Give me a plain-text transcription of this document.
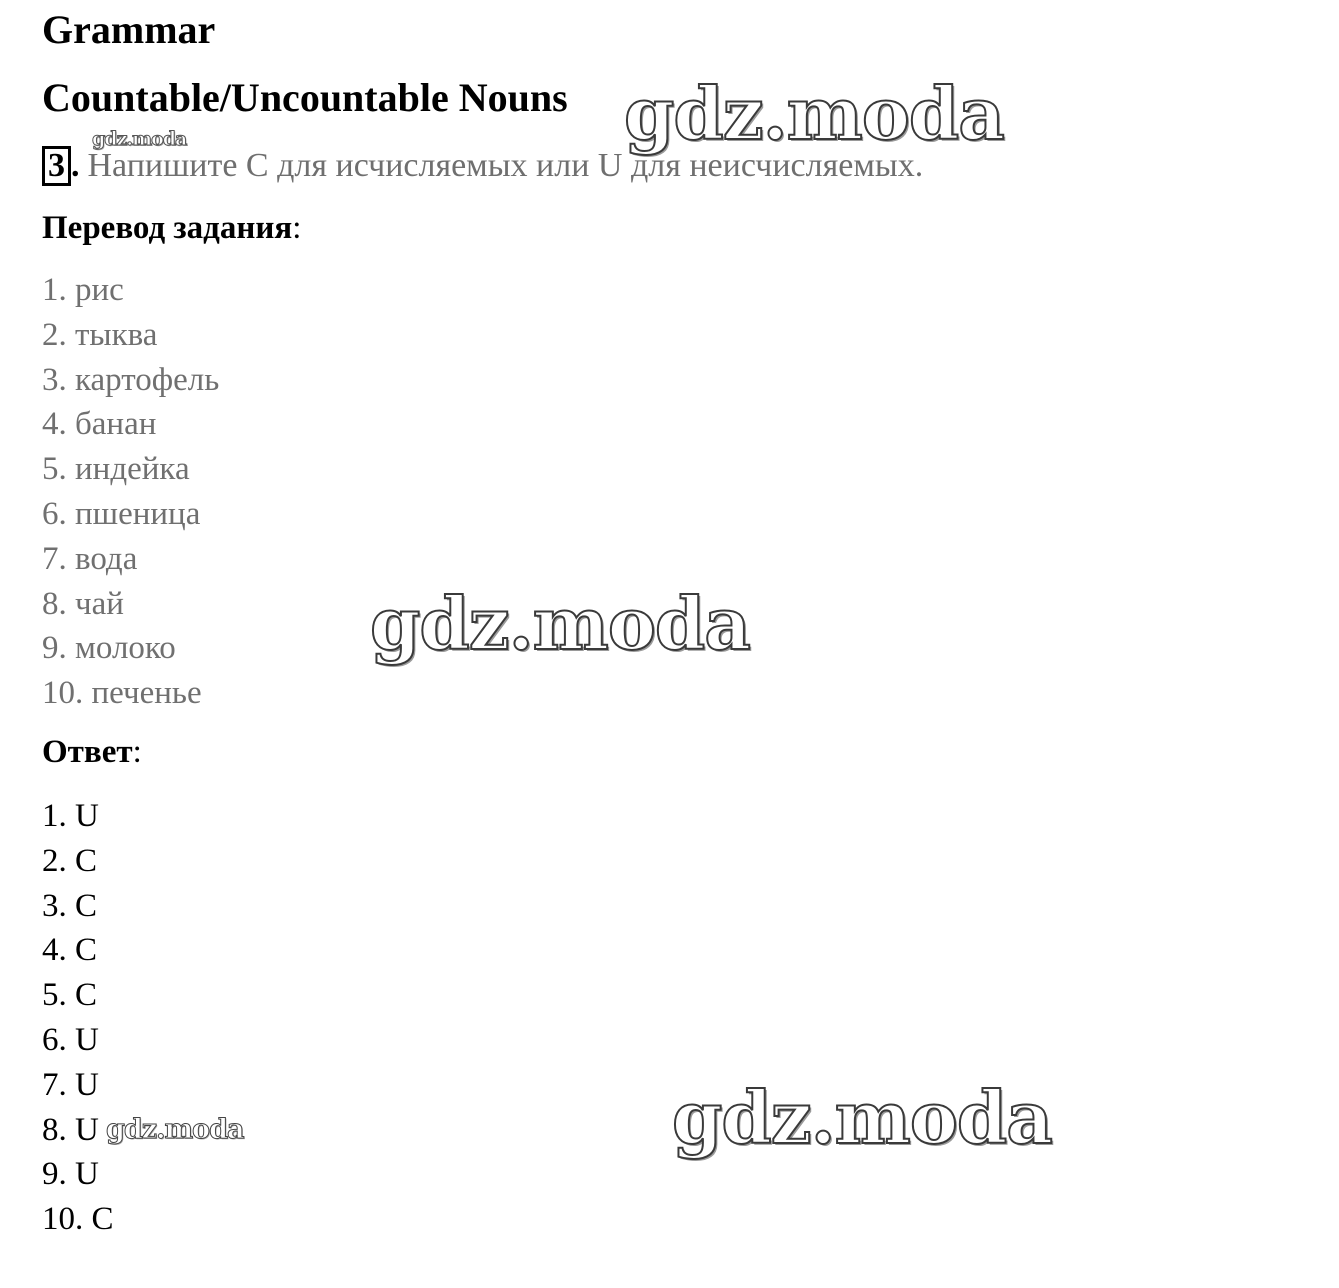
Grammar
Countable/Uncountable Nouns
3 . Напишите C для исчисляемых или U для неисчисляемых.
Перевод задания:
1. рис
2. тыква
3. картофель
4. банан
5. индейка
6. пшеница
7. вода
8. чай
9. молоко
10. печенье
Ответ:
1. U
2. C
3. C
4. C
5. C
6. U
7. U
8. U
9. U
10. C
gdz.moda
gdz.moda
gdz.moda
gdz.moda	gdz.moda
